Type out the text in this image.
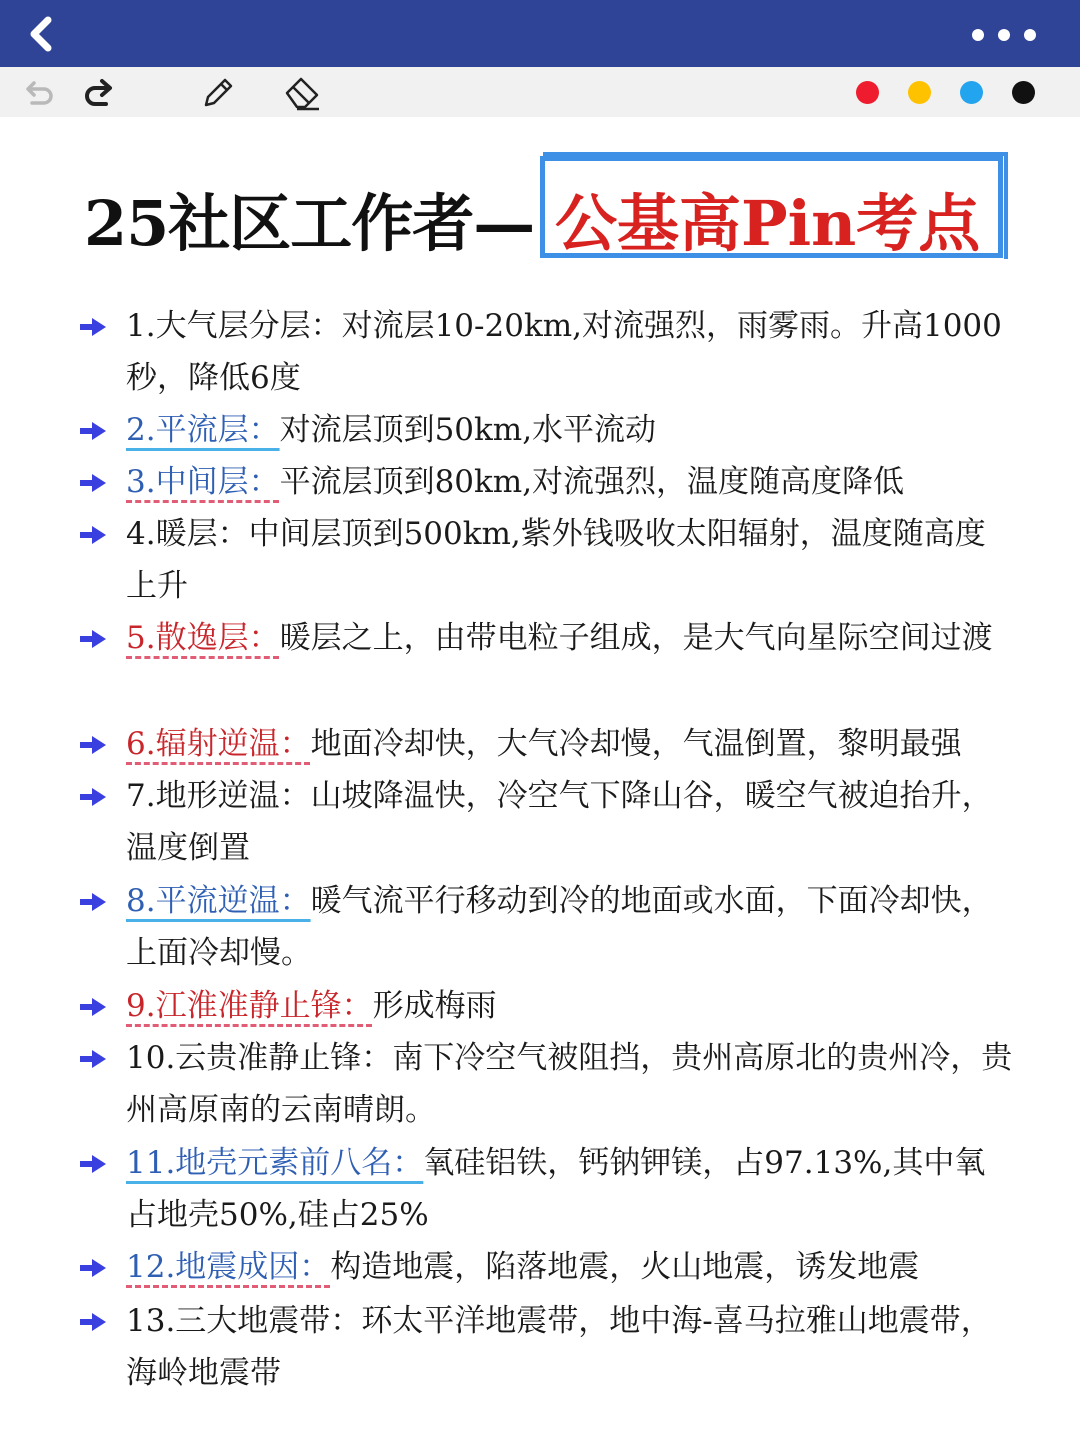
25社区工作者— 公基高Pin考点
1.大气层分层：对流层10-20km,对流强烈，雨雾雨。升高1000秒，降低6度
2.平流层：对流层顶到50km,水平流动
3.中间层：平流层顶到80km,对流强烈，温度随高度降低
4.暖层：中间层顶到500km,紫外钱吸收太阳辐射，温度随高度上升
5.散逸层：暖层之上，由带电粒子组成，是大气向星际空间过渡
6.辐射逆温：地面冷却快，大气冷却慢，气温倒置，黎明最强
7.地形逆温：山坡降温快，冷空气下降山谷，暖空气被迫抬升，温度倒置
8.平流逆温：暖气流平行移动到冷的地面或水面，下面冷却快，上面冷却慢。
9.江淮准静止锋：形成梅雨
10.云贵准静止锋：南下冷空气被阻挡，贵州高原北的贵州冷，贵州高原南的云南晴朗。
11.地壳元素前八名：氧硅铝铁，钙钠钾镁，占97.13%,其中氧占地壳50%,硅占25%
12.地震成因：构造地震，陷落地震，火山地震，诱发地震
13.三大地震带：环太平洋地震带，地中海-喜马拉雅山地震带，海岭地震带
